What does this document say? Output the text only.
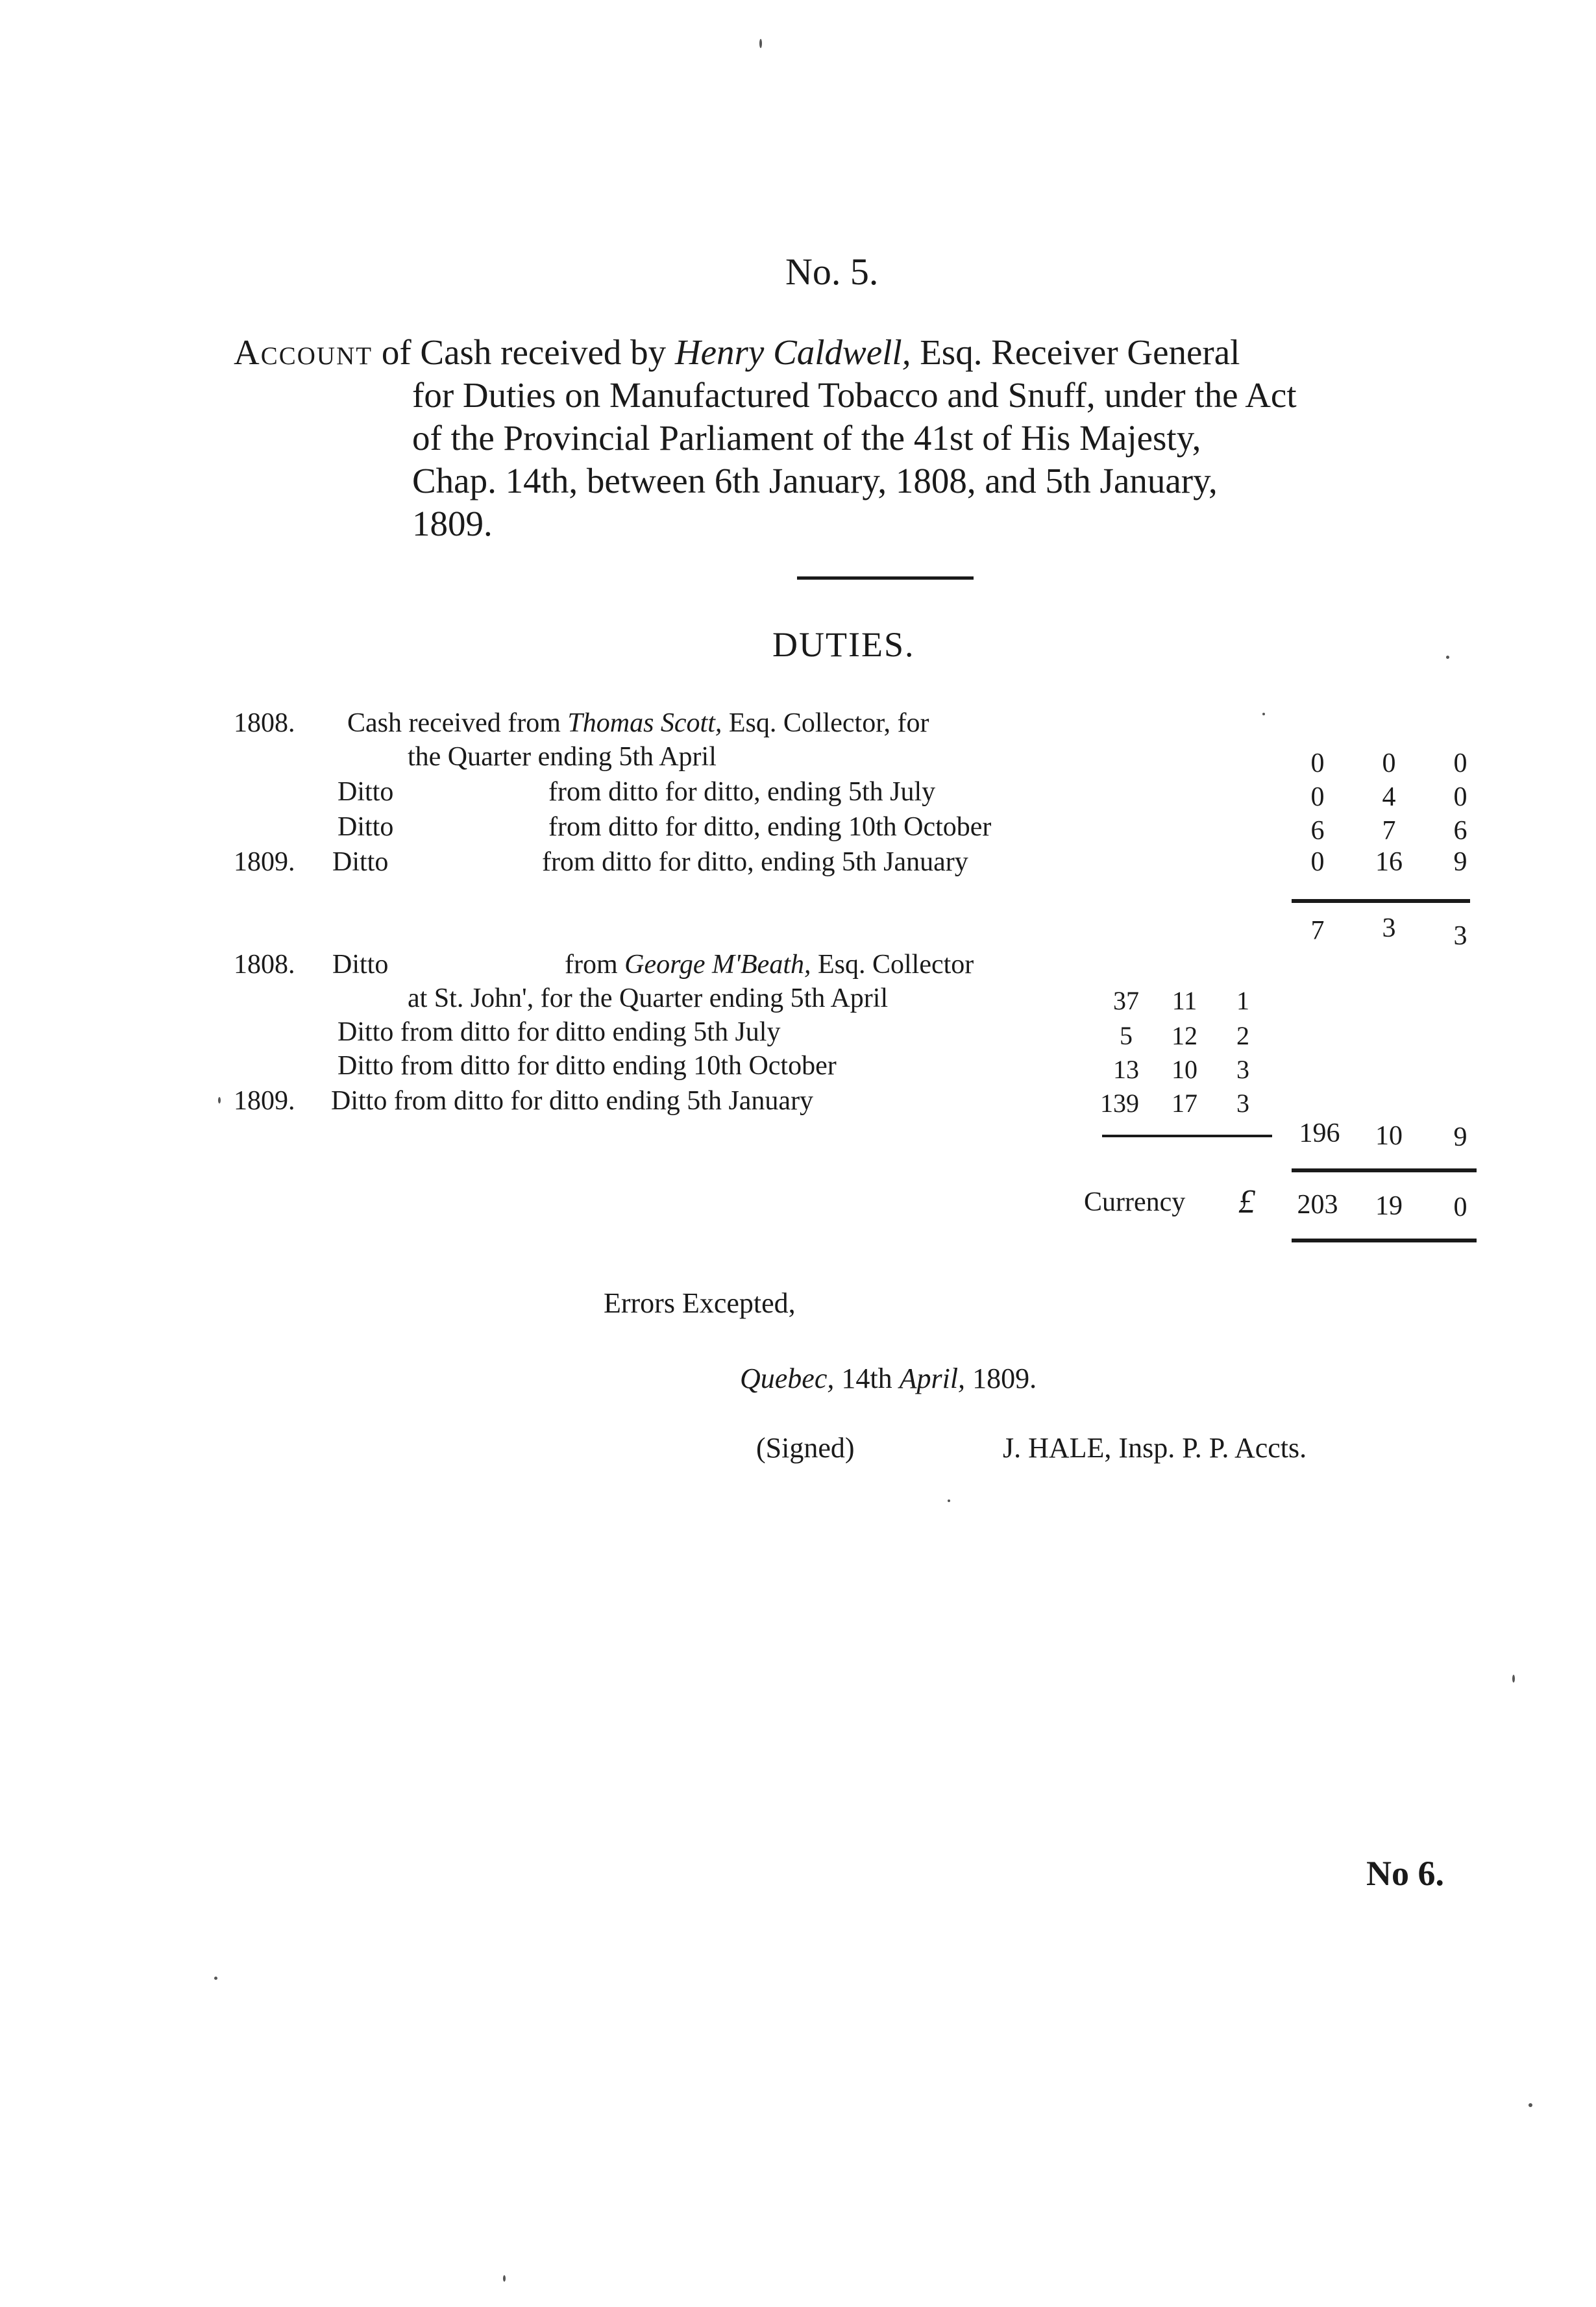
No. 5.
Account of Cash received by Henry Caldwell, Esq. Receiver General
for Duties on Manufactured Tobacco and Snuff, under the Act
of the Provincial Parliament of the 41st of His Majesty,
Chap. 14th, between 6th January, 1808, and 5th January,
1809.
DUTIES.
1808. Cash received from Thomas Scott, Esq. Collector, for
the Quarter ending 5th April	0	0	0
Ditto	from ditto for ditto, ending 5th July	0	4	0
Ditto	from ditto for ditto, ending 10th October	6	7	6
1809. Ditto	from ditto for ditto, ending 5th January	0	16	9
7	3	3
1808. Ditto	from George M'Beath, Esq. Collector
at St. John', for the Quarter ending 5th April	37	11	1
Ditto from ditto for ditto ending 5th July	5	12	2
Ditto from ditto for ditto ending 10th October	13	10	3
1809. Ditto from ditto for ditto ending 5th January	139	17	3
196	10	9
Currency £ 203	19	0
Errors Excepted,
Quebec, 14th April, 1809.
(Signed)	J. HALE, Insp. P. P. Accts.
No 6.
